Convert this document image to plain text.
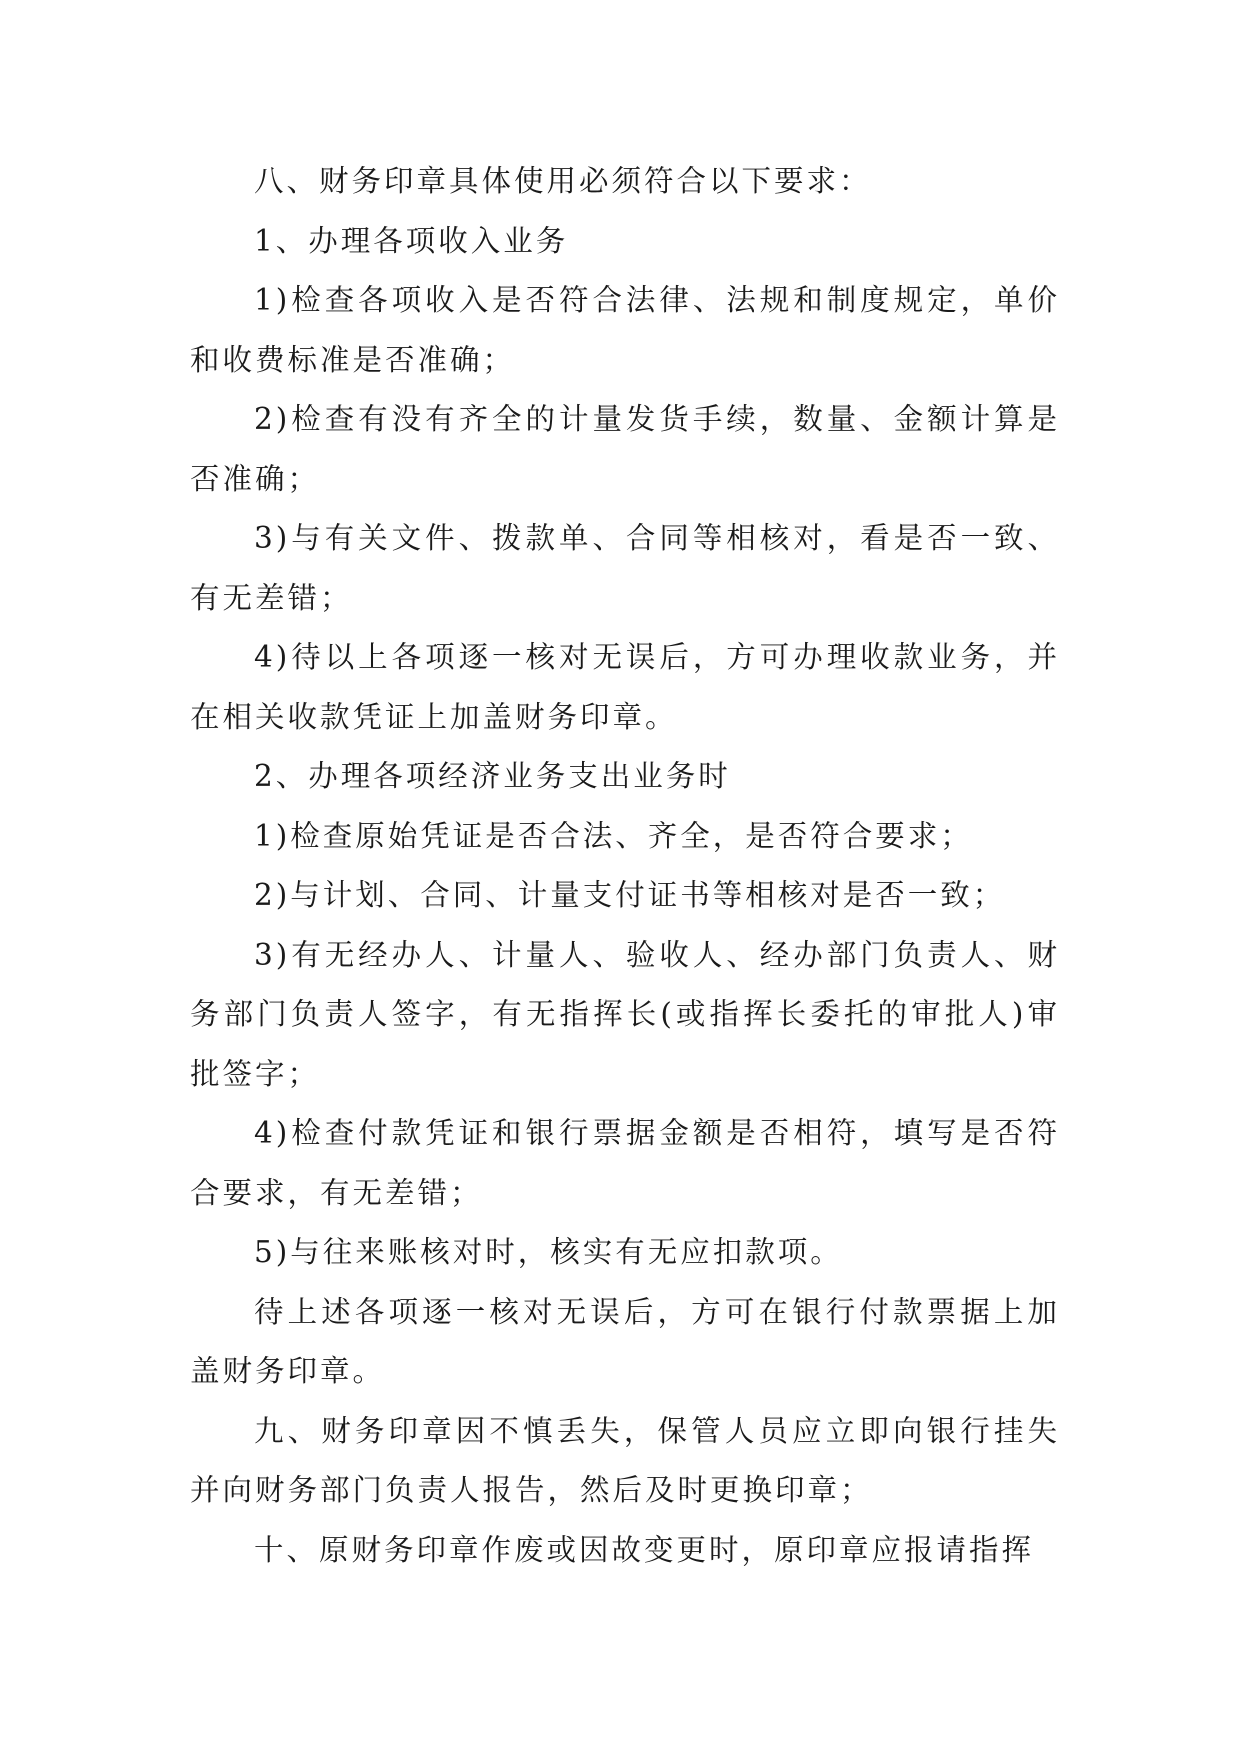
八、财务印章具体使用必须符合以下要求：

1、办理各项收入业务

1)检查各项收入是否符合法律、法规和制度规定，单价和收费标准是否准确；

2)检查有没有齐全的计量发货手续，数量、金额计算是否准确；

3)与有关文件、拨款单、合同等相核对，看是否一致、有无差错；

4)待以上各项逐一核对无误后，方可办理收款业务，并在相关收款凭证上加盖财务印章。

2、办理各项经济业务支出业务时

1)检查原始凭证是否合法、齐全，是否符合要求；

2)与计划、合同、计量支付证书等相核对是否一致；

3)有无经办人、计量人、验收人、经办部门负责人、财务部门负责人签字，有无指挥长(或指挥长委托的审批人)审批签字；

4)检查付款凭证和银行票据金额是否相符，填写是否符合要求，有无差错；

5)与往来账核对时，核实有无应扣款项。

待上述各项逐一核对无误后，方可在银行付款票据上加盖财务印章。

九、财务印章因不慎丢失，保管人员应立即向银行挂失并向财务部门负责人报告，然后及时更换印章；

十、原财务印章作废或因故变更时，原印章应报请指挥
